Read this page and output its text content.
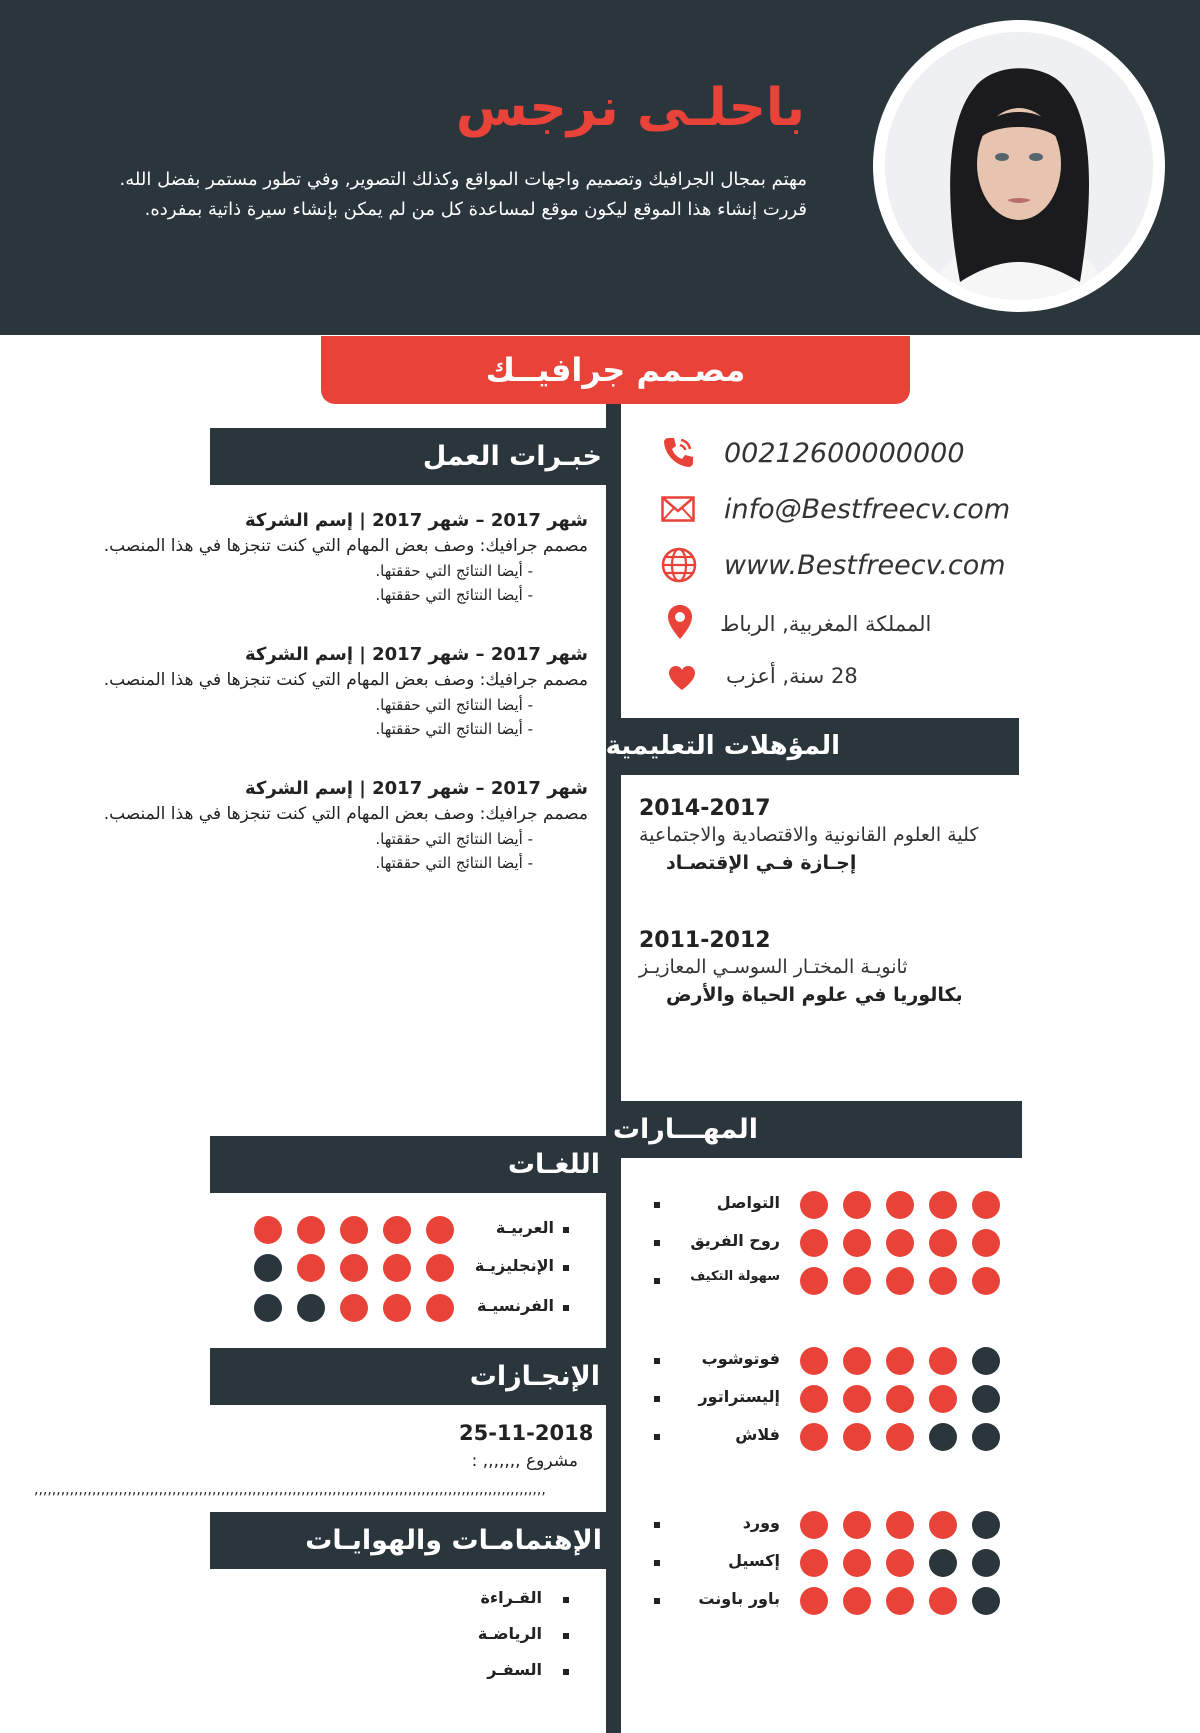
باحلـى نرجس
مهتم بمجال الجرافيك وتصميم واجهات المواقع وكذلك التصوير, وفي تطور مستمر بفضل الله.
قررت إنشاء هذا الموقع ليكون موقع لمساعدة كل من لم يمكن بإنشاء سيرة ذاتية بمفرده.
مصـمم جرافيــك
خبـرات العمل
شهر 2017 – شهر 2017 | إسم الشركة
مصمم جرافيك: وصف بعض المهام التي كنت تنجزها في هذا المنصب.
- أيضا النتائج التي حققتها.
- أيضا النتائج التي حققتها.
شهر 2017 – شهر 2017 | إسم الشركة
مصمم جرافيك: وصف بعض المهام التي كنت تنجزها في هذا المنصب.
- أيضا النتائج التي حققتها.
- أيضا النتائج التي حققتها.
شهر 2017 – شهر 2017 | إسم الشركة
مصمم جرافيك: وصف بعض المهام التي كنت تنجزها في هذا المنصب.
- أيضا النتائج التي حققتها.
- أيضا النتائج التي حققتها.
00212600000000
info@Bestfreecv.com
www.Bestfreecv.com
المملكة المغربية, الرباط
28 سنة, أعزب
المؤهلات التعليمية
2014-2017
كلية العلوم القانونية والاقتصادية والاجتماعية
إجـازة فـي الإقتصـاد
2011-2012
ثانويـة المختـار السوسـي المعازيـز
بكالوريا في علوم الحياة والأرض
المهـــارات
التواصل
روح الفريق
سهولة التكيف
فوتوشوب
إليستراتور
فلاش
وورد
إكسيل
باور باونت
اللغـات
العربيـة
الإنجليزيـة
الفرنسيـة
الإنجـازات
25-11-2018
مشروع ,,,,,,, :
,,,,,,,,,,,,,,,,,,,,,,,,,,,,,,,,,,,,,,,,,,,,,,,,,,,,,,,,,,,,,,,,,,,,,,,,,,,,,,,,,,,,,,,,,,,,,,,,,,,,,,,,,,,,,,,,,,,
الإهتمامـات والهوايـات
القـراءة
الرياضـة
السفـر
